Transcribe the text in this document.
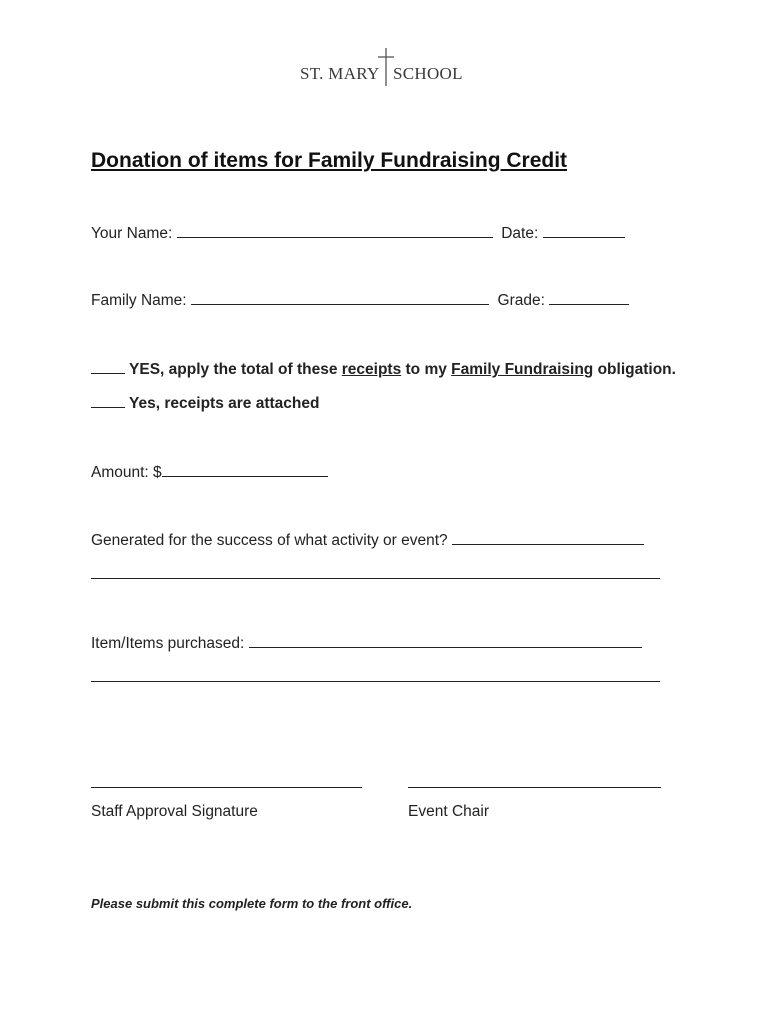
ST. MARY SCHOOL
Donation of items for Family Fundraising Credit
Your Name:	Date:
Family Name:	Grade:
YES, apply the total of these receipts to my Family Fundraising obligation.
Yes, receipts are attached
Amount: $
Generated for the success of what activity or event?
Item/Items purchased:
Staff Approval Signature	Event Chair
Please submit this complete form to the front office.
